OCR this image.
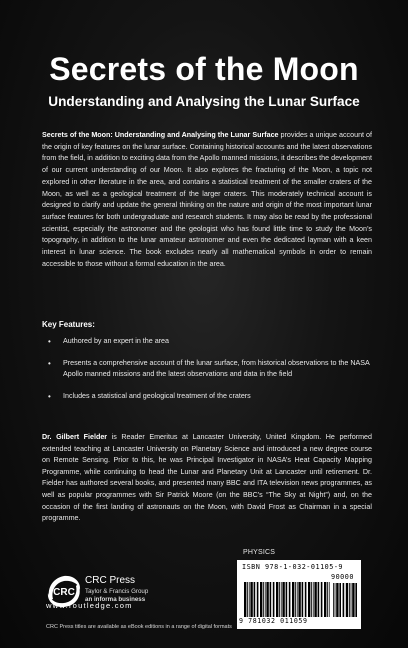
Secrets of the Moon
Understanding and Analysing the Lunar Surface

Secrets of the Moon: Understanding and Analysing the Lunar Surface provides a unique account of the origin of key features on the lunar surface. Containing historical accounts and the latest observations from the field, in addition to exciting data from the Apollo manned missions, it describes the development of our current understanding of our Moon. It also explores the fracturing of the Moon, a topic not explored in other literature in the area, and contains a statistical treatment of the smaller craters of the Moon, as well as a geological treatment of the larger craters. This moderately technical account is designed to clarify and update the general thinking on the nature and origin of the most important lunar surface features for both undergraduate and research students. It may also be read by the professional scientist, especially the astronomer and the geologist who has found little time to study the Moon’s topography, in addition to the lunar amateur astronomer and even the dedicated layman with a keen interest in lunar science. The book excludes nearly all mathematical symbols in order to remain accessible to those without a formal education in the area.

Key Features:
• Authored by an expert in the area
• Presents a comprehensive account of the lunar surface, from historical observations to the NASA Apollo manned missions and the latest observations and data in the field
• Includes a statistical and geological treatment of the craters

Dr. Gilbert Fielder is Reader Emeritus at Lancaster University, United Kingdom. He performed extended teaching at Lancaster University on Planetary Science and introduced a new degree course on Remote Sensing. Prior to this, he was Principal Investigator in NASA’s Heat Capacity Mapping Programme, while continuing to head the Lunar and Planetary Unit at Lancaster until retirement. Dr. Fielder has authored several books, and presented many BBC and ITA television news programmes, as well as popular programmes with Sir Patrick Moore (on the BBC’s “The Sky at Night”) and, on the occasion of the first landing of astronauts on the Moon, with David Frost as Chairman in a special programme.

PHYSICS
ISBN 978-1-032-01105-9
90000
9 781032 011059
CRC
CRC Press
Taylor & Francis Group
an informa business
www.routledge.com
CRC Press titles are available as eBook editions in a range of digital formats
